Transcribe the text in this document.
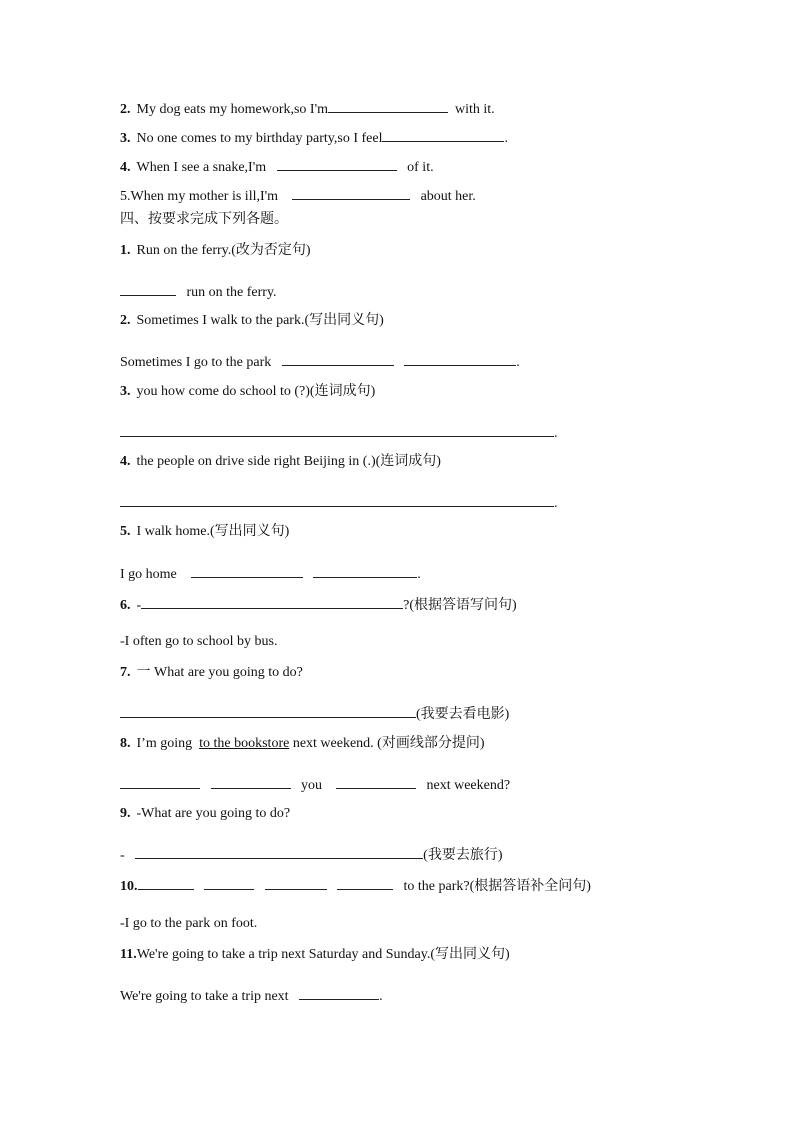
2. My dog eats my homework,so I'm	with it.
3. No one comes to my birthday party,so I feel	.
4. When I see a snake,I'm	of it.
5.When my mother is ill,I'm	about her.
四、按要求完成下列各题。
1. Run on the ferry.(改为否定句)
run on the ferry.
2. Sometimes I walk to the park.(写出同义句)
Sometimes I go to the park	.
3. you how come do school to (?)(连词成句)
.
4. the people on drive side right Beijing in (.)(连词成句)
.
5. I walk home.(写出同义句)
I go home	.
6. -	?(根据答语写问句)
-I often go to school by bus.
7. 一 What are you going to do?
(我要去看电影)
8. I’m going to the bookstore next weekend. (对画线部分提问)
you	next weekend?
9. -What are you going to do?
-	(我要去旅行)
10.	to the park?(根据答语补全问句)
-I go to the park on foot.
11.We're going to take a trip next Saturday and Sunday.(写出同义句)
We're going to take a trip next	.
